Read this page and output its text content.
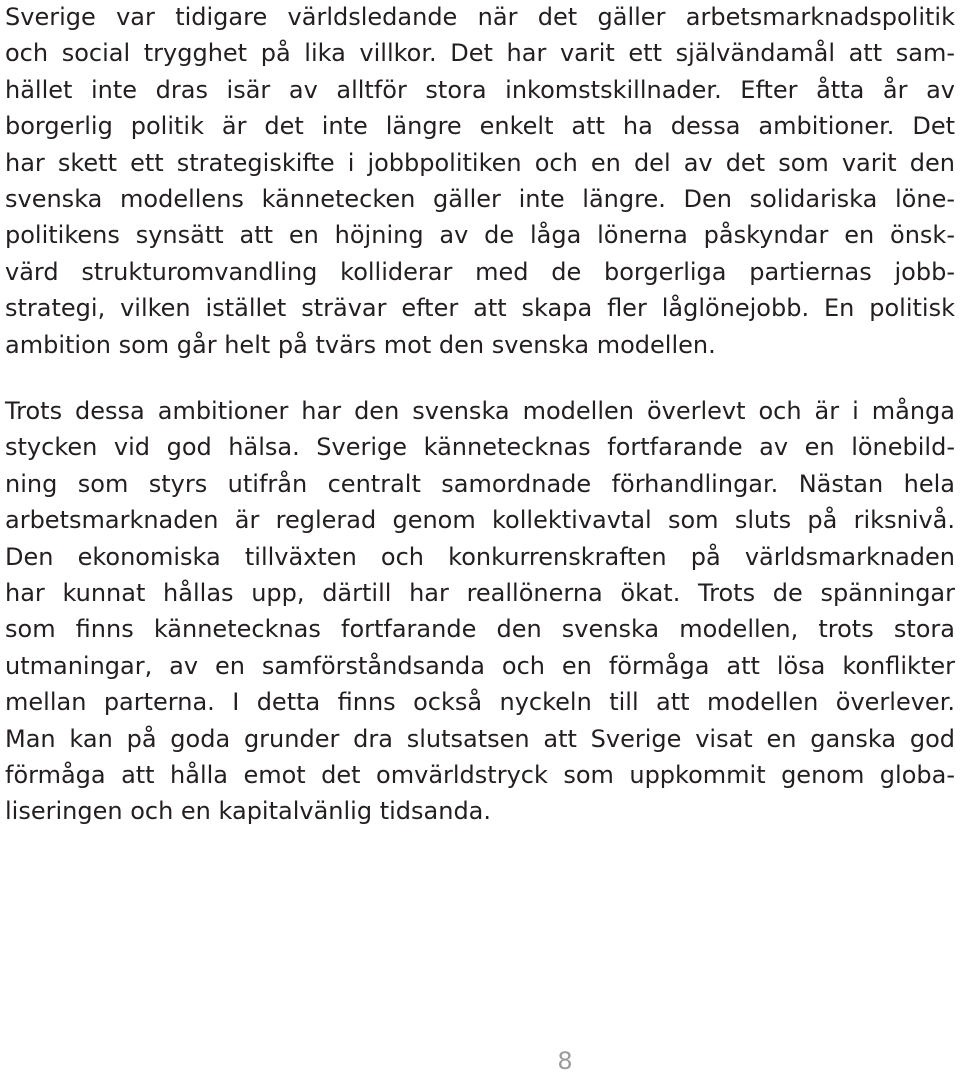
Sverige var tidigare världsledande när det gäller arbetsmarknadspolitik
och social trygghet på lika villkor. Det har varit ett självändamål att sam-
hället inte dras isär av alltför stora inkomstskillnader. Efter åtta år av
borgerlig politik är det inte längre enkelt att ha dessa ambitioner. Det
har skett ett strategiskifte i jobbpolitiken och en del av det som varit den
svenska modellens kännetecken gäller inte längre. Den solidariska löne-
politikens synsätt att en höjning av de låga lönerna påskyndar en önsk-
värd strukturomvandling kolliderar med de borgerliga partiernas jobb-
strategi, vilken istället strävar efter att skapa fler låglönejobb. En politisk
ambition som går helt på tvärs mot den svenska modellen.
Trots dessa ambitioner har den svenska modellen överlevt och är i många
stycken vid god hälsa. Sverige kännetecknas fortfarande av en lönebild-
ning som styrs utifrån centralt samordnade förhandlingar. Nästan hela
arbetsmarknaden är reglerad genom kollektivavtal som sluts på riksnivå.
Den ekonomiska tillväxten och konkurrenskraften på världsmarknaden
har kunnat hållas upp, därtill har reallönerna ökat. Trots de spänningar
som finns kännetecknas fortfarande den svenska modellen, trots stora
utmaningar, av en samförståndsanda och en förmåga att lösa konflikter
mellan parterna. I detta finns också nyckeln till att modellen överlever.
Man kan på goda grunder dra slutsatsen att Sverige visat en ganska god
förmåga att hålla emot det omvärldstryck som uppkommit genom globa-
liseringen och en kapitalvänlig tidsanda.
8
